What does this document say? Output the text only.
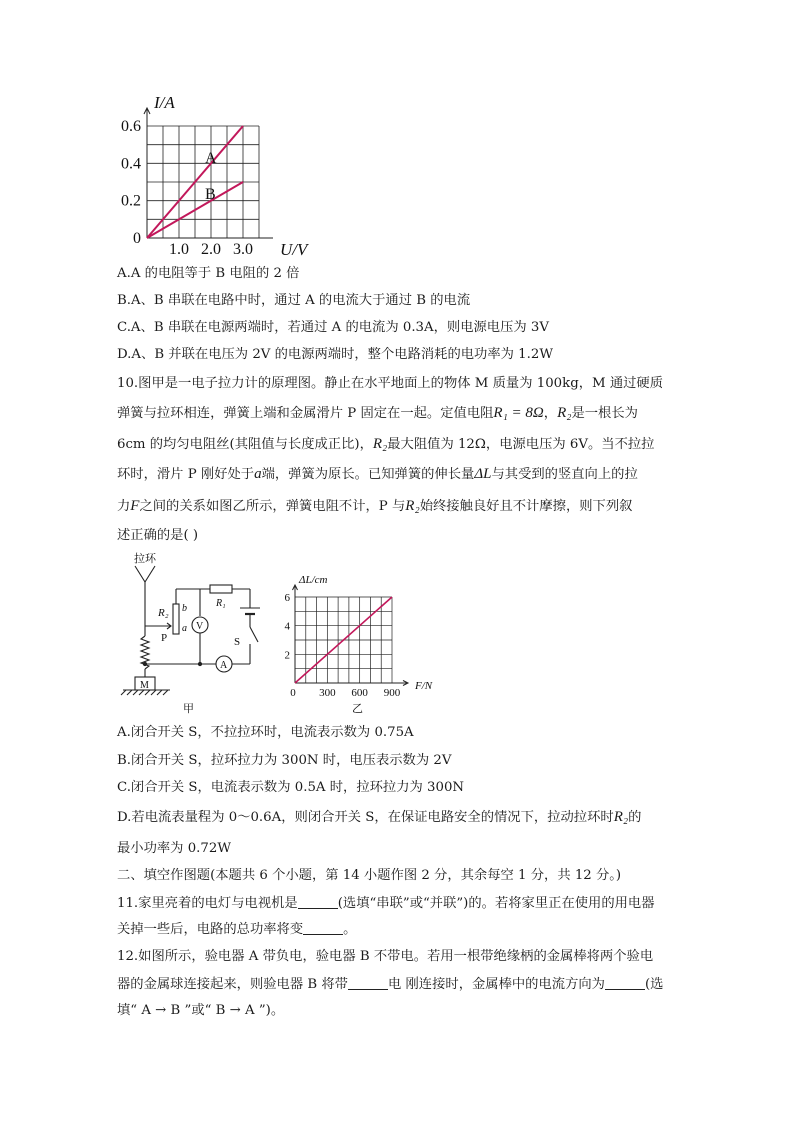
1.0 2.0 3.0
0.6
0.4
0.2
0
I/A
U/V
A
B
A.A 的电阻等于 B 电阻的 2 倍
B.A、B 串联在电路中时，通过 A 的电流大于通过 B 的电流
C.A、B 串联在电源两端时，若通过 A 的电流为 0.3A，则电源电压为 3V
D.A、B 并联在电压为 2V 的电源两端时，整个电路消耗的电功率为 1.2W
10.图甲是一电子拉力计的原理图。静止在水平地面上的物体 M 质量为 100kg，M 通过硬质
弹簧与拉环相连，弹簧上端和金属滑片 P 固定在一起。定值电阻R₁ = 8Ω，R₂是一根长为
6cm 的均匀电阻丝(其阻值与长度成正比)，R₂最大阻值为 12Ω，电源电压为 6V。当不拉拉
环时，滑片 P 刚好处于a端，弹簧为原长。已知弹簧的伸长量ΔL与其受到的竖直向上的拉
力F之间的关系如图乙所示，弹簧电阻不计，P 与R₂始终接触良好且不计摩擦，则下列叙
述正确的是( )
拉环
R₂ b
a
P
R₁
V
A
S
M
甲
0 300 600 900
6
4
2
ΔL/cm
F/N
乙
A.闭合开关 S，不拉拉环时，电流表示数为 0.75A
B.闭合开关 S，拉环拉力为 300N 时，电压表示数为 2V
C.闭合开关 S，电流表示数为 0.5A 时，拉环拉力为 300N
D.若电流表量程为 0～0.6A，则闭合开关 S，在保证电路安全的情况下，拉动拉环时R₂的
最小功率为 0.72W
二、填空作图题(本题共 6 个小题，第 14 小题作图 2 分，其余每空 1 分，共 12 分。)
11.家里亮着的电灯与电视机是	(选填“串联”或“并联”)的。若将家里正在使用的用电器
关掉一些后，电路的总功率将变	。
12.如图所示，验电器 A 带负电，验电器 B 不带电。若用一根带绝缘柄的金属棒将两个验电
器的金属球连接起来，则验电器 B 将带	电 刚连接时，金属棒中的电流方向为	(选
填“ A → B ”或“ B → A ”)。
